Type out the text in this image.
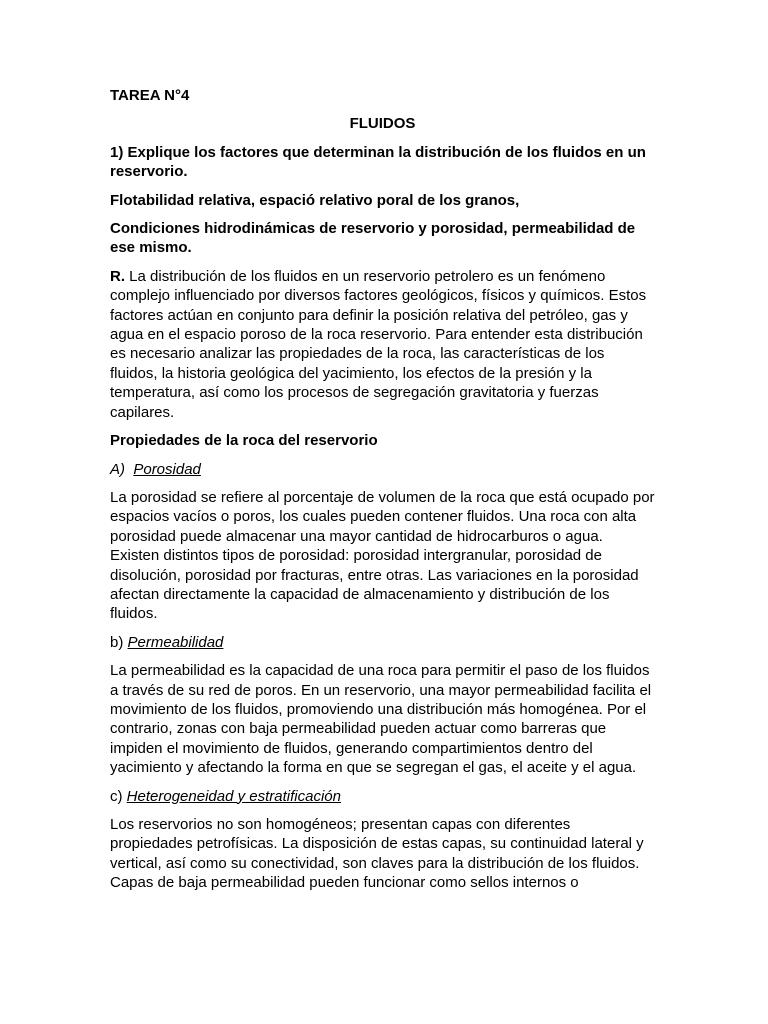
TAREA N°4

FLUIDOS

1) Explique los factores que determinan la distribución de los fluidos en un reservorio.

Flotabilidad relativa, espació relativo poral de los granos,

Condiciones hidrodinámicas de reservorio y porosidad, permeabilidad de ese mismo.

R. La distribución de los fluidos en un reservorio petrolero es un fenómeno complejo influenciado por diversos factores geológicos, físicos y químicos. Estos factores actúan en conjunto para definir la posición relativa del petróleo, gas y agua en el espacio poroso de la roca reservorio. Para entender esta distribución es necesario analizar las propiedades de la roca, las características de los fluidos, la historia geológica del yacimiento, los efectos de la presión y la temperatura, así como los procesos de segregación gravitatoria y fuerzas capilares.

Propiedades de la roca del reservorio

A) Porosidad

La porosidad se refiere al porcentaje de volumen de la roca que está ocupado por espacios vacíos o poros, los cuales pueden contener fluidos. Una roca con alta porosidad puede almacenar una mayor cantidad de hidrocarburos o agua. Existen distintos tipos de porosidad: porosidad intergranular, porosidad de disolución, porosidad por fracturas, entre otras. Las variaciones en la porosidad afectan directamente la capacidad de almacenamiento y distribución de los fluidos.

b) Permeabilidad

La permeabilidad es la capacidad de una roca para permitir el paso de los fluidos a través de su red de poros. En un reservorio, una mayor permeabilidad facilita el movimiento de los fluidos, promoviendo una distribución más homogénea. Por el contrario, zonas con baja permeabilidad pueden actuar como barreras que impiden el movimiento de fluidos, generando compartimientos dentro del yacimiento y afectando la forma en que se segregan el gas, el aceite y el agua.

c) Heterogeneidad y estratificación

Los reservorios no son homogéneos; presentan capas con diferentes propiedades petrofísicas. La disposición de estas capas, su continuidad lateral y vertical, así como su conectividad, son claves para la distribución de los fluidos. Capas de baja permeabilidad pueden funcionar como sellos internos o
